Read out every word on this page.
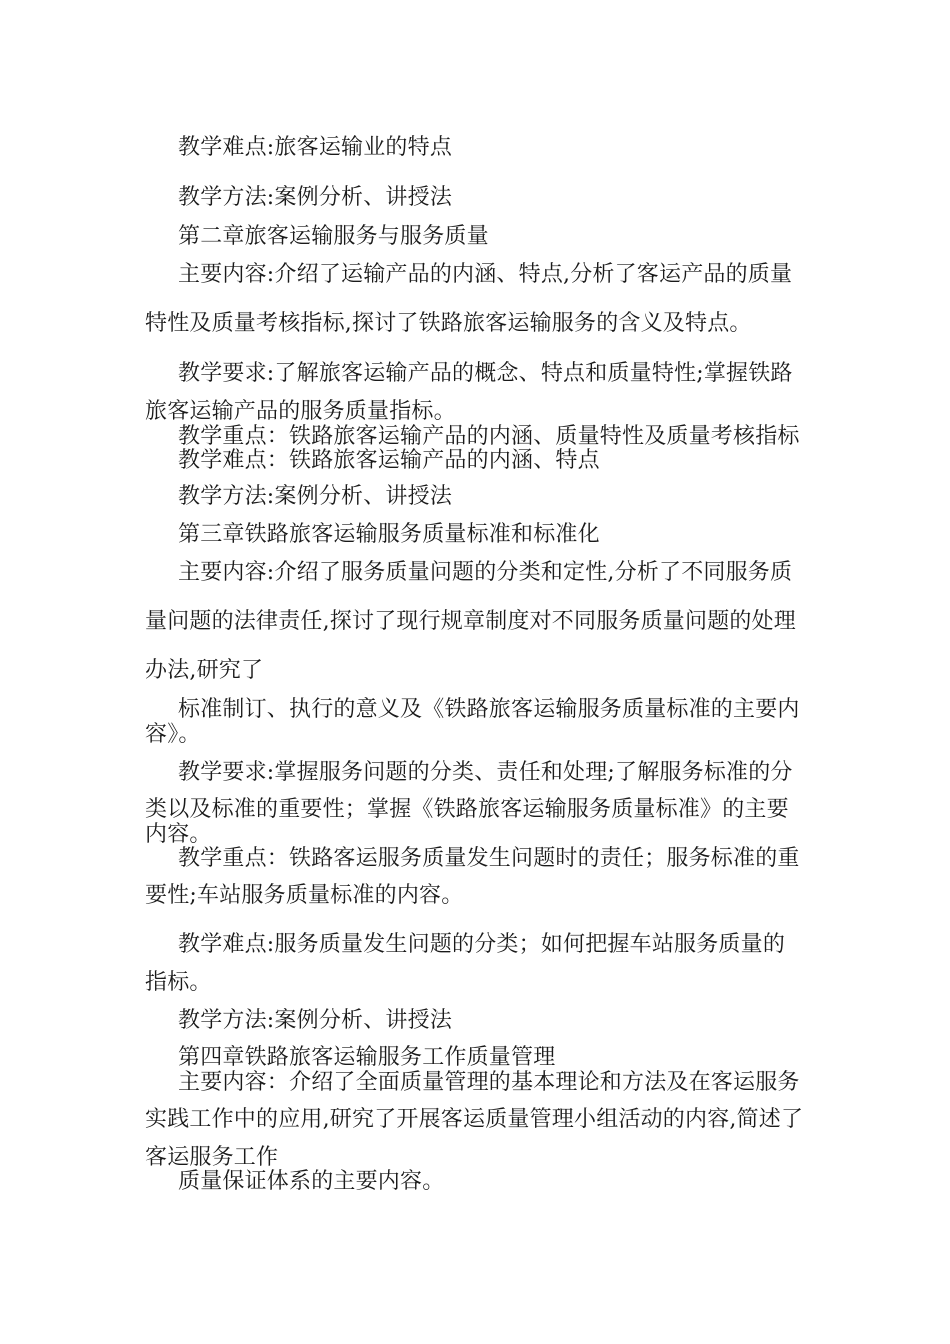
教学难点:旅客运输业的特点
教学方法:案例分析、讲授法
第二章旅客运输服务与服务质量
主要内容:介绍了运输产品的内涵、特点,分析了客运产品的质量
特性及质量考核指标,探讨了铁路旅客运输服务的含义及特点。
教学要求:了解旅客运输产品的概念、特点和质量特性;掌握铁路
旅客运输产品的服务质量指标。
教学重点：铁路旅客运输产品的内涵、质量特性及质量考核指标
教学难点：铁路旅客运输产品的内涵、特点
教学方法:案例分析、讲授法
第三章铁路旅客运输服务质量标准和标准化
主要内容:介绍了服务质量问题的分类和定性,分析了不同服务质
量问题的法律责任,探讨了现行规章制度对不同服务质量问题的处理
办法,研究了
标准制订、执行的意义及《铁路旅客运输服务质量标准的主要内
容》。
教学要求:掌握服务问题的分类、责任和处理;了解服务标准的分
类以及标准的重要性；掌握《铁路旅客运输服务质量标准》的主要
内容。
教学重点：铁路客运服务质量发生问题时的责任；服务标准的重
要性;车站服务质量标准的内容。
教学难点:服务质量发生问题的分类；如何把握车站服务质量的
指标。
教学方法:案例分析、讲授法
第四章铁路旅客运输服务工作质量管理
主要内容：介绍了全面质量管理的基本理论和方法及在客运服务
实践工作中的应用,研究了开展客运质量管理小组活动的内容,简述了
客运服务工作
质量保证体系的主要内容。
